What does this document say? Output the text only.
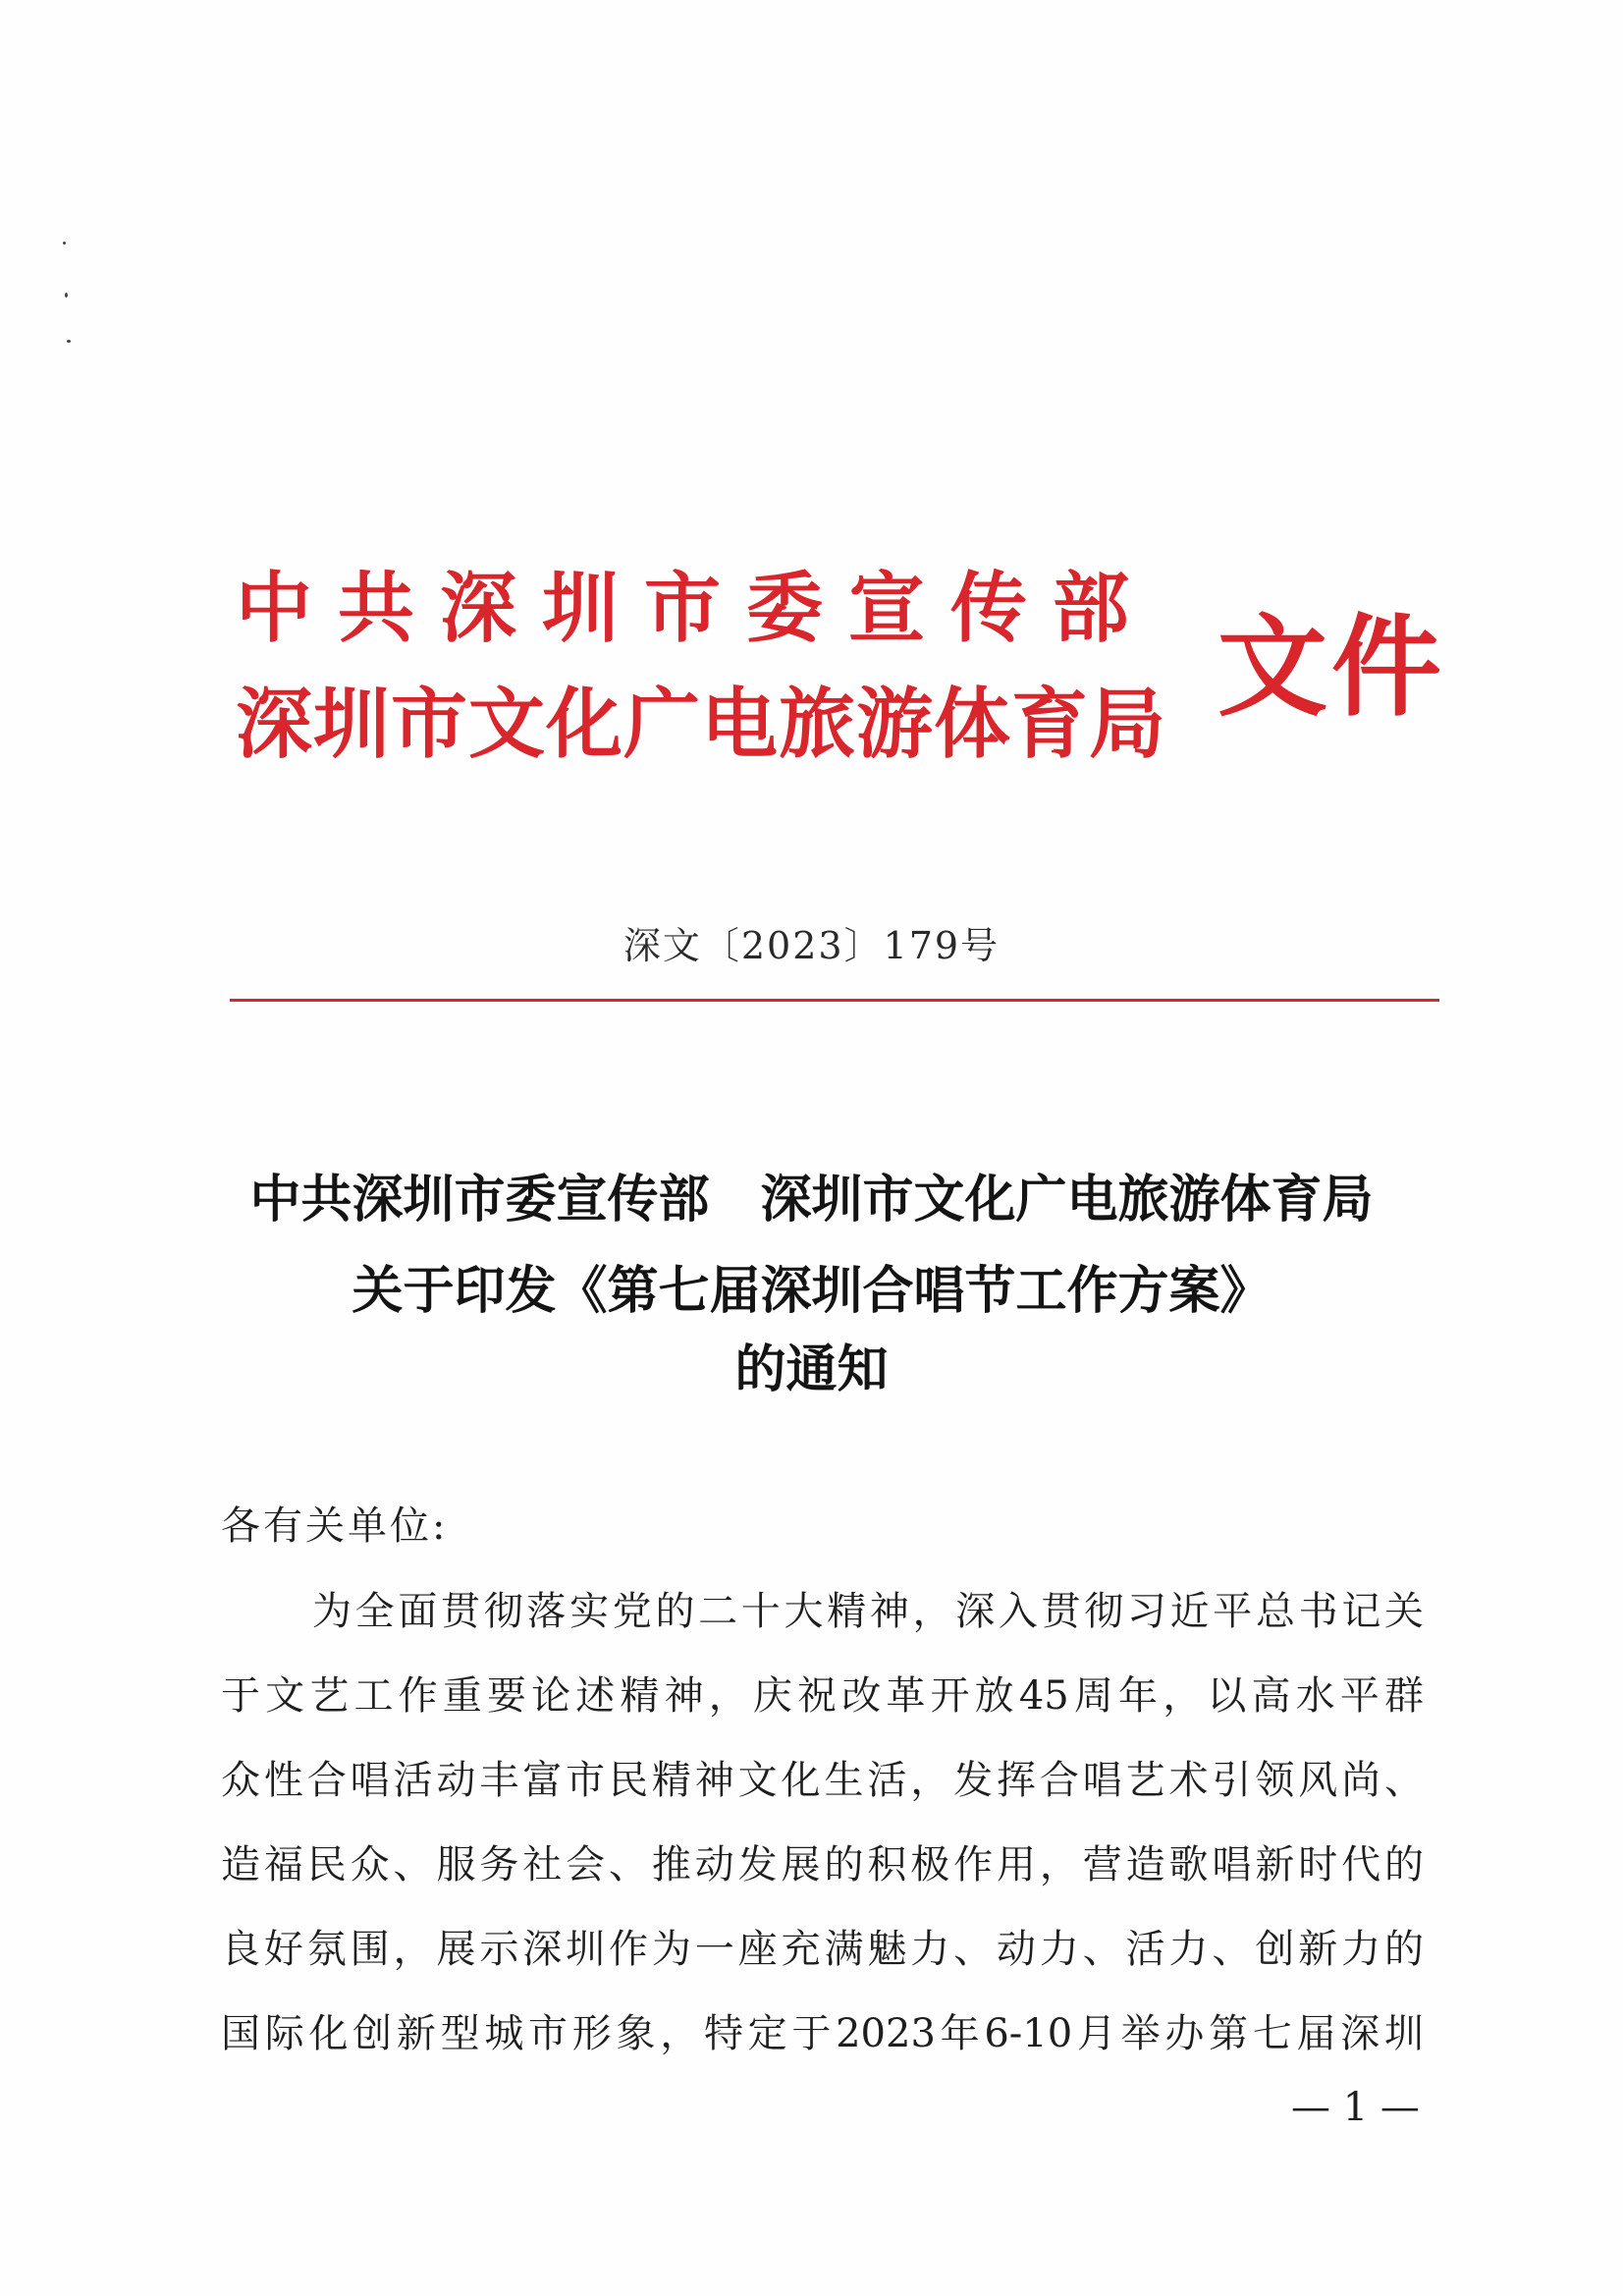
中共深圳市委宣传部
深圳市文化广电旅游体育局 文件
深文〔2023〕179号
中共深圳市委宣传部　深圳市文化广电旅游体育局
关于印发《第七届深圳合唱节工作方案》
的通知
各有关单位:
为全面贯彻落实党的二十大精神，深入贯彻习近平总书记关
于文艺工作重要论述精神，庆祝改革开放45周年，以高水平群
众性合唱活动丰富市民精神文化生活，发挥合唱艺术引领风尚、
造福民众、服务社会、推动发展的积极作用，营造歌唱新时代的
良好氛围，展示深圳作为一座充满魅力、动力、活力、创新力的
国际化创新型城市形象，特定于2023年6-10月举办第七届深圳
— 1 —
